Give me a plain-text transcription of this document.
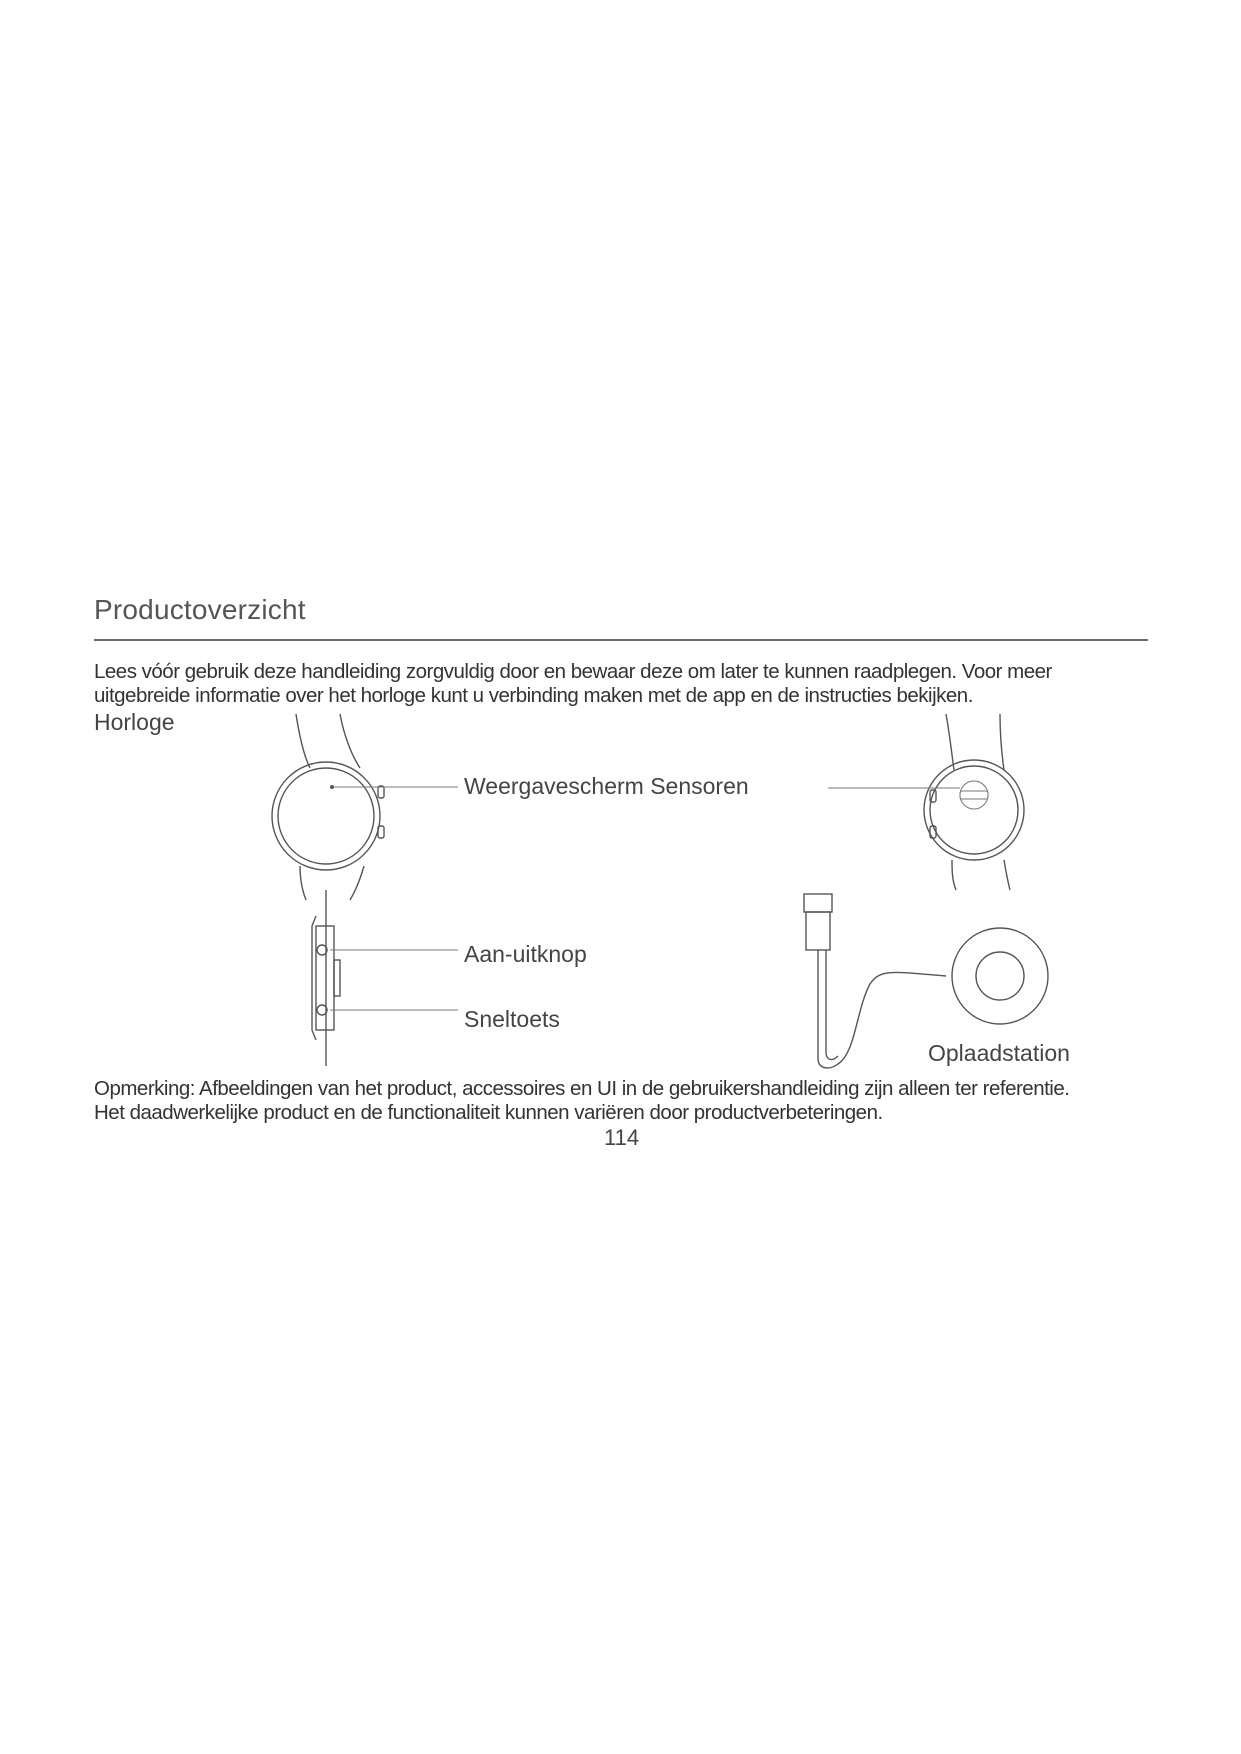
Productoverzicht
Lees vóór gebruik deze handleiding zorgvuldig door en bewaar deze om later te kunnen raadplegen. Voor meer
uitgebreide informatie over het horloge kunt u verbinding maken met de app en de instructies bekijken.
Horloge
Weergavescherm Sensoren
Aan-uitknop
Sneltoets
Oplaadstation
Opmerking: Afbeeldingen van het product, accessoires en UI in de gebruikershandleiding zijn alleen ter referentie.
Het daadwerkelijke product en de functionaliteit kunnen variëren door productverbeteringen.
114
